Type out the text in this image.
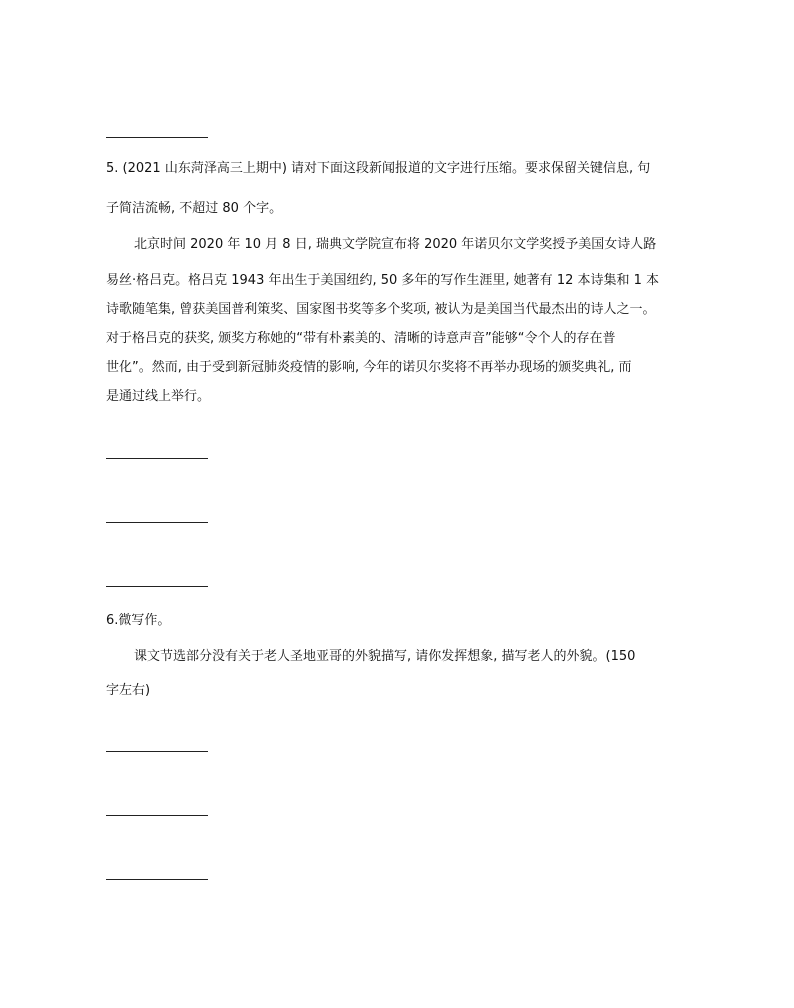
5. (2021 山东菏泽高三上期中) 请对下面这段新闻报道的文字进行压缩。要求保留关键信息, 句
子简洁流畅, 不超过 80 个字。
北京时间 2020 年 10 月 8 日, 瑞典文学院宣布将 2020 年诺贝尔文学奖授予美国女诗人路
易丝·格吕克。格吕克 1943 年出生于美国纽约, 50 多年的写作生涯里, 她著有 12 本诗集和 1 本
诗歌随笔集, 曾获美国普利策奖、国家图书奖等多个奖项, 被认为是美国当代最杰出的诗人之一。
对于格吕克的获奖, 颁奖方称她的“带有朴素美的、清晰的诗意声音”能够“令个人的存在普
世化”。然而, 由于受到新冠肺炎疫情的影响, 今年的诺贝尔奖将不再举办现场的颁奖典礼, 而
是通过线上举行。
6.微写作。
课文节选部分没有关于老人圣地亚哥的外貌描写, 请你发挥想象, 描写老人的外貌。(150
字左右)
